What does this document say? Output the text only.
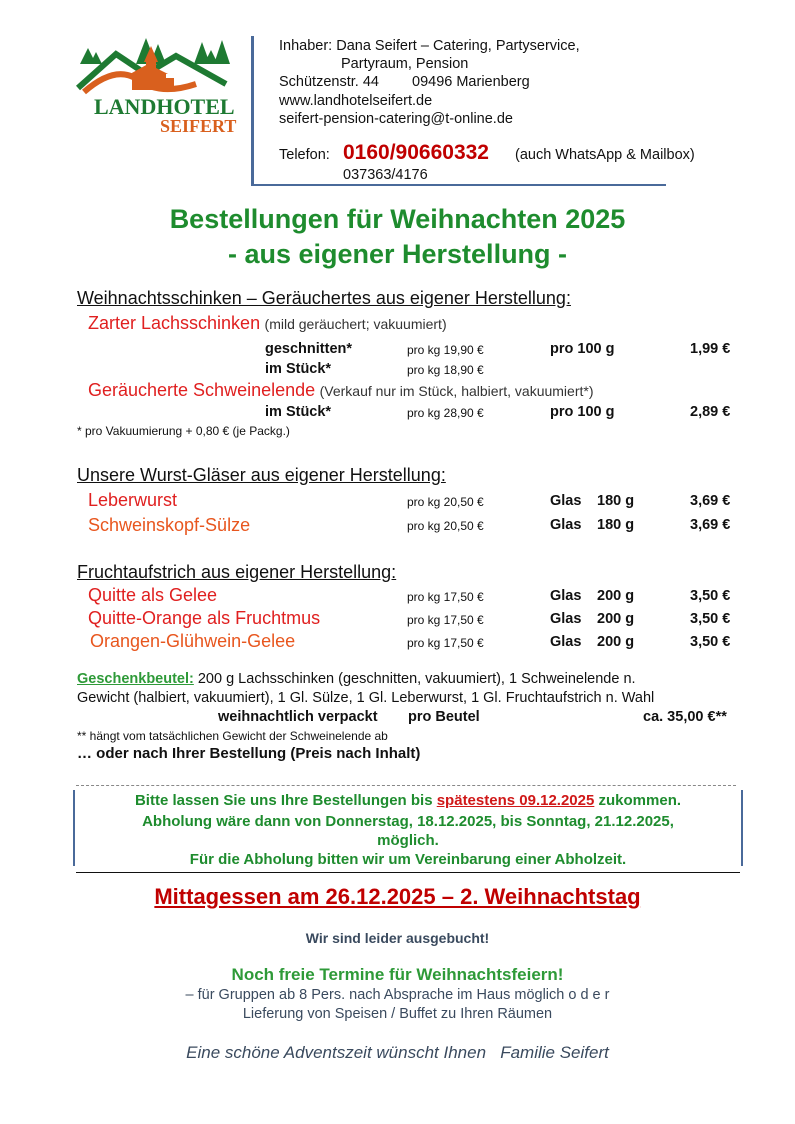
LANDHOTEL
SEIFERT
Inhaber: Dana Seifert – Catering, Partyservice,
Partyraum, Pension
Schützenstr. 44 09496 Marienberg
www.landhotelseifert.de
seifert-pension-catering@t-online.de
Telefon: 0160/90660332 (auch WhatsApp & Mailbox)
037363/4176
Bestellungen für Weihnachten 2025
- aus eigener Herstellung -
Weihnachtsschinken – Geräuchertes aus eigener Herstellung:
Zarter Lachsschinken (mild geräuchert; vakuumiert)
geschnitten*	pro kg 19,90 €	pro 100 g	1,99 €
im Stück*	pro kg 18,90 €
Geräucherte Schweinelende (Verkauf nur im Stück, halbiert, vakuumiert*)
im Stück*	pro kg 28,90 €	pro 100 g	2,89 €
* pro Vakuumierung + 0,80 € (je Packg.)
Unsere Wurst-Gläser aus eigener Herstellung:
Leberwurst	pro kg 20,50 €	Glas 180 g	3,69 €
Schweinskopf-Sülze	pro kg 20,50 €	Glas 180 g	3,69 €
Fruchtaufstrich aus eigener Herstellung:
Quitte als Gelee	pro kg 17,50 €	Glas 200 g	3,50 €
Quitte-Orange als Fruchtmus	pro kg 17,50 €	Glas 200 g	3,50 €
Orangen-Glühwein-Gelee	pro kg 17,50 €	Glas 200 g	3,50 €
Geschenkbeutel: 200 g Lachsschinken (geschnitten, vakuumiert), 1 Schweinelende n.
Gewicht (halbiert, vakuumiert), 1 Gl. Sülze, 1 Gl. Leberwurst, 1 Gl. Fruchtaufstrich n. Wahl
weihnachtlich verpackt pro Beutel	ca. 35,00 €**
** hängt vom tatsächlichen Gewicht der Schweinelende ab
… oder nach Ihrer Bestellung (Preis nach Inhalt)
Bitte lassen Sie uns Ihre Bestellungen bis spätestens 09.12.2025 zukommen.
Abholung wäre dann von Donnerstag, 18.12.2025, bis Sonntag, 21.12.2025,
möglich.
Für die Abholung bitten wir um Vereinbarung einer Abholzeit.
Mittagessen am 26.12.2025 – 2. Weihnachtstag
Wir sind leider ausgebucht!
Noch freie Termine für Weihnachtsfeiern!
– für Gruppen ab 8 Pers. nach Absprache im Haus möglich o d e r
Lieferung von Speisen / Buffet zu Ihren Räumen
Eine schöne Adventszeit wünscht Ihnen Familie Seifert
